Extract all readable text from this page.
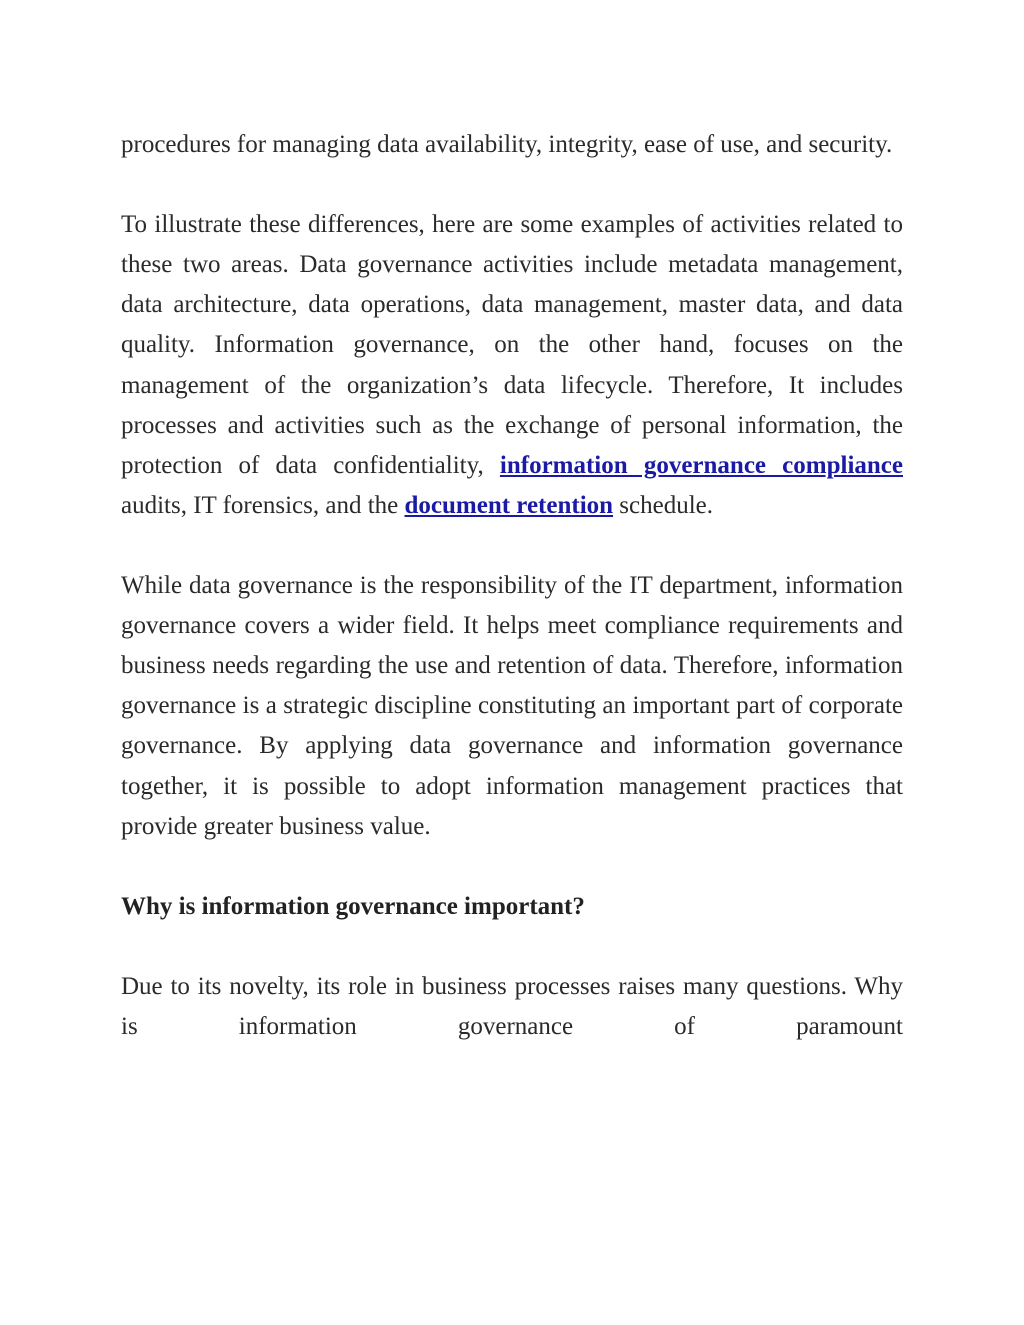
procedures for managing data availability, integrity, ease of use, and security.

To illustrate these differences, here are some examples of activities related to these two areas. Data governance activities include metadata management, data architecture, data operations, data management, master data, and data quality. Information governance, on the other hand, focuses on the management of the organization’s data lifecycle. Therefore, It includes processes and activities such as the exchange of personal information, the protection of data confidentiality, information governance compliance audits, IT forensics, and the document retention schedule.

While data governance is the responsibility of the IT department, information governance covers a wider field. It helps meet compliance requirements and business needs regarding the use and retention of data. Therefore, information governance is a strategic discipline constituting an important part of corporate governance. By applying data governance and information governance together, it is possible to adopt information management practices that provide greater business value.

Why is information governance important?

Due to its novelty, its role in business processes raises many questions. Why is information governance of paramount
